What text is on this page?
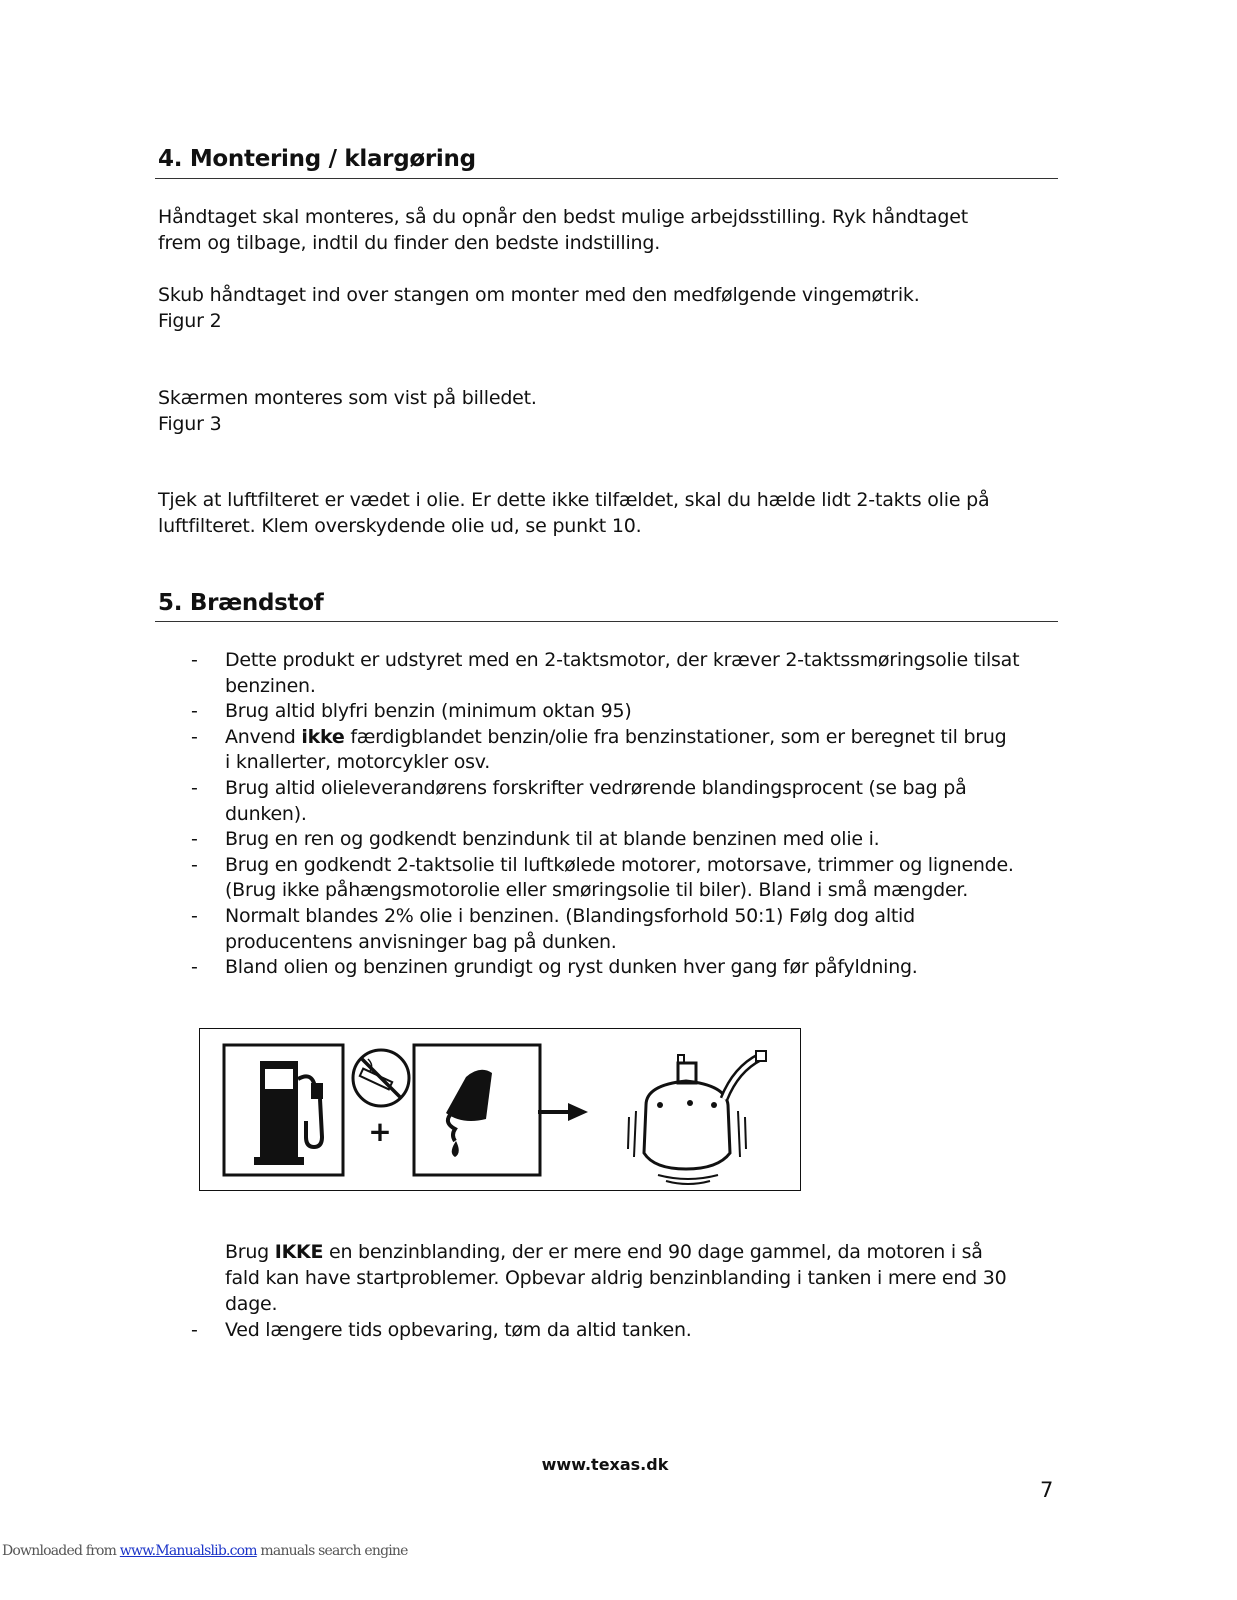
4. Montering / klargøring
Håndtaget skal monteres, så du opnår den bedst mulige arbejdsstilling. Ryk håndtaget
frem og tilbage, indtil du finder den bedste indstilling.
Skub håndtaget ind over stangen om monter med den medfølgende vingemøtrik.
Figur 2
Skærmen monteres som vist på billedet.
Figur 3
Tjek at luftfilteret er vædet i olie. Er dette ikke tilfældet, skal du hælde lidt 2-takts olie på
luftfilteret. Klem overskydende olie ud, se punkt 10.
5. Brændstof
- Dette produkt er udstyret med en 2-taktsmotor, der kræver 2-taktssmøringsolie tilsat
benzinen.
- Brug altid blyfri benzin (minimum oktan 95)
- Anvend ikke færdigblandet benzin/olie fra benzinstationer, som er beregnet til brug
i knallerter, motorcykler osv.
- Brug altid olieleverandørens forskrifter vedrørende blandingsprocent (se bag på
dunken).
- Brug en ren og godkendt benzindunk til at blande benzinen med olie i.
- Brug en godkendt 2-taktsolie til luftkølede motorer, motorsave, trimmer og lignende.
(Brug ikke påhængsmotorolie eller smøringsolie til biler). Bland i små mængder.
- Normalt blandes 2% olie i benzinen. (Blandingsforhold 50:1) Følg dog altid
producentens anvisninger bag på dunken.
- Bland olien og benzinen grundigt og ryst dunken hver gang før påfyldning.
+
Brug IKKE en benzinblanding, der er mere end 90 dage gammel, da motoren i så
fald kan have startproblemer. Opbevar aldrig benzinblanding i tanken i mere end 30
dage.
- Ved længere tids opbevaring, tøm da altid tanken.
www.texas.dk
7
Downloaded from www.Manualslib.com manuals search engine
